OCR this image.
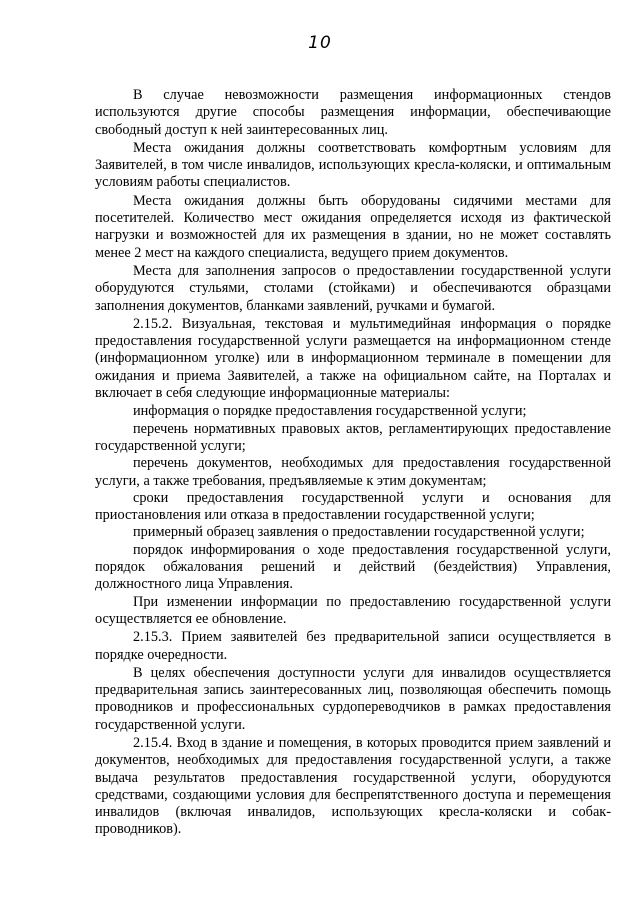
10

В случае невозможности размещения информационных стендов используются другие способы размещения информации, обеспечивающие свободный доступ к ней заинтересованных лиц.

Места ожидания должны соответствовать комфортным условиям для Заявителей, в том числе инвалидов, использующих кресла-коляски, и оптимальным условиям работы специалистов.

Места ожидания должны быть оборудованы сидячими местами для посетителей. Количество мест ожидания определяется исходя из фактической нагрузки и возможностей для их размещения в здании, но не может составлять менее 2 мест на каждого специалиста, ведущего прием документов.

Места для заполнения запросов о предоставлении государственной услуги оборудуются стульями, столами (стойками) и обеспечиваются образцами заполнения документов, бланками заявлений, ручками и бумагой.

2.15.2. Визуальная, текстовая и мультимедийная информация о порядке предоставления государственной услуги размещается на информационном стенде (информационном уголке) или в информационном терминале в помещении для ожидания и приема Заявителей, а также на официальном сайте, на Порталах и включает в себя следующие информационные материалы:

информация о порядке предоставления государственной услуги;

перечень нормативных правовых актов, регламентирующих предоставление государственной услуги;

перечень документов, необходимых для предоставления государственной услуги, а также требования, предъявляемые к этим документам;

сроки предоставления государственной услуги и основания для приостановления или отказа в предоставлении государственной услуги;

примерный образец заявления о предоставлении государственной услуги;

порядок информирования о ходе предоставления государственной услуги, порядок обжалования решений и действий (бездействия) Управления, должностного лица Управления.

При изменении информации по предоставлению государственной услуги осуществляется ее обновление.

2.15.3. Прием заявителей без предварительной записи осуществляется в порядке очередности.

В целях обеспечения доступности услуги для инвалидов осуществляется предварительная запись заинтересованных лиц, позволяющая обеспечить помощь проводников и профессиональных сурдопереводчиков в рамках предоставления государственной услуги.

2.15.4. Вход в здание и помещения, в которых проводится прием заявлений и документов, необходимых для предоставления государственной услуги, а также выдача результатов предоставления государственной услуги, оборудуются средствами, создающими условия для беспрепятственного доступа и перемещения инвалидов (включая инвалидов, использующих кресла-коляски и собак-проводников).
